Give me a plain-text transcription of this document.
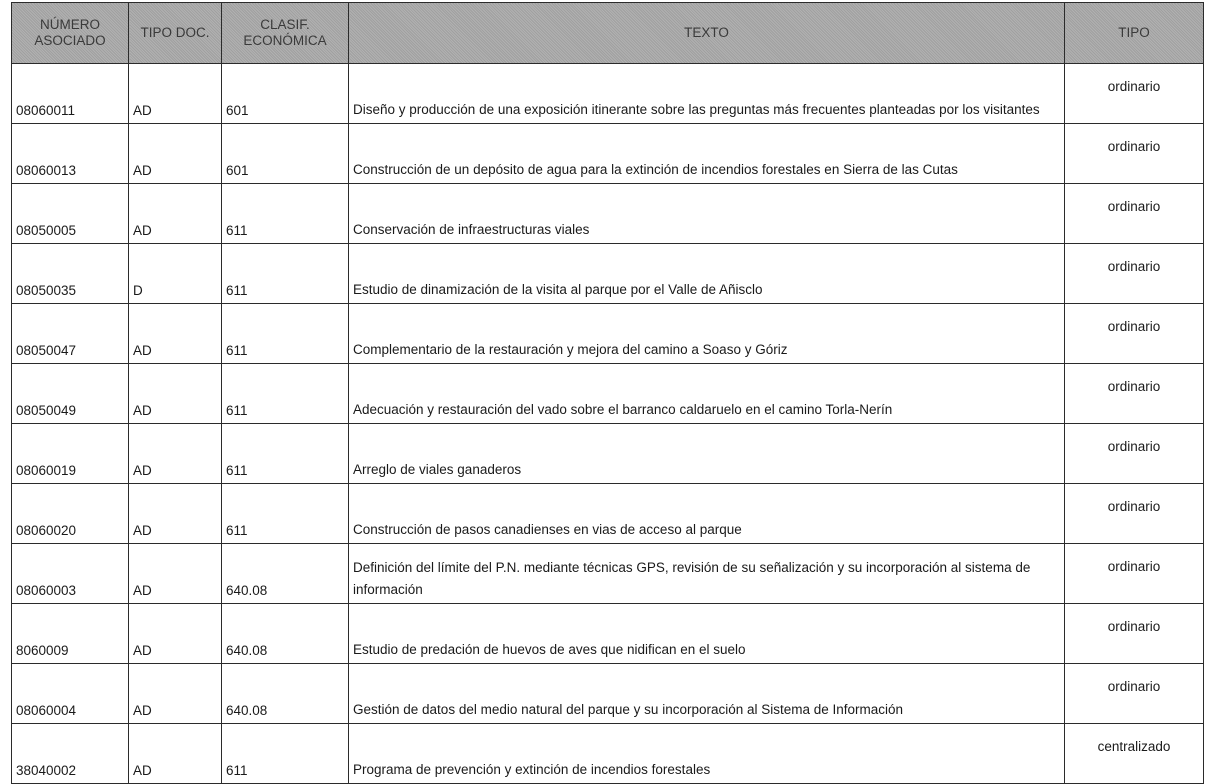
NÚMERO ASOCIADO	TIPO DOC.	CLASIF. ECONÓMICA	TEXTO	TIPO
08060011	AD	601	Diseño y producción de una exposición itinerante sobre las preguntas más frecuentes planteadas por los visitantes	ordinario
08060013	AD	601	Construcción de un depósito de agua para la extinción de incendios forestales en Sierra de las Cutas	ordinario
08050005	AD	611	Conservación de infraestructuras viales	ordinario
08050035	D	611	Estudio de dinamización de la visita al parque por el Valle de Añisclo	ordinario
08050047	AD	611	Complementario de la restauración y mejora del camino a Soaso y Góriz	ordinario
08050049	AD	611	Adecuación y restauración del vado sobre el barranco caldaruelo en el camino Torla-Nerín	ordinario
08060019	AD	611	Arreglo de viales ganaderos	ordinario
08060020	AD	611	Construcción de pasos canadienses en vias de acceso al parque	ordinario
08060003	AD	640.08	Definición del límite del P.N. mediante técnicas GPS, revisión de su señalización y su incorporación al sistema de información	ordinario
8060009	AD	640.08	Estudio de predación de huevos de aves que nidifican en el suelo	ordinario
08060004	AD	640.08	Gestión de datos del medio natural del parque y su incorporación al Sistema de Información	ordinario
38040002	AD	611	Programa de prevención y extinción de incendios forestales	centralizado
